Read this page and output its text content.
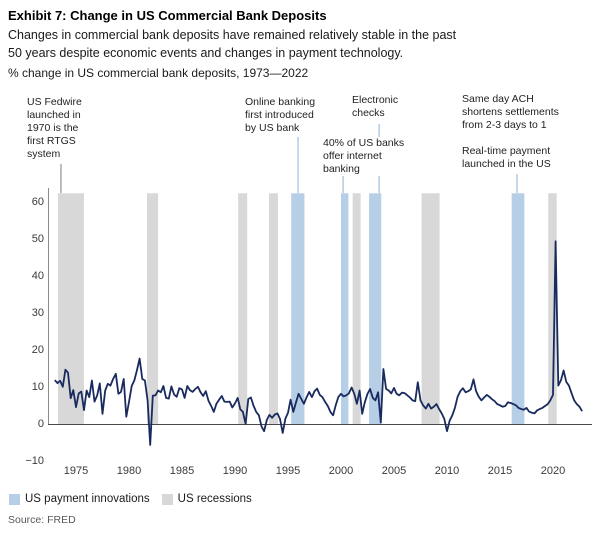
Exhibit 7: Change in US Commercial Bank Deposits
Changes in commercial bank deposits have remained relatively stable in the past
50 years despite economic events and changes in payment technology.
% change in US commercial bank deposits, 1973—2022
US Fedwire
launched in
1970 is the
first RTGS
system
Online banking
first introduced
by US bank
Electronic
checks
40% of US banks
offer internet
banking
Same day ACH
shortens settlements
from 2-3 days to 1
Real-time payment
launched in the US
1975	1980	1985	1990	1995	2000	2005	2010	2015	2020
60
50
40
30
20
10
0
−10
US payment innovations US recessions
Source: FRED
